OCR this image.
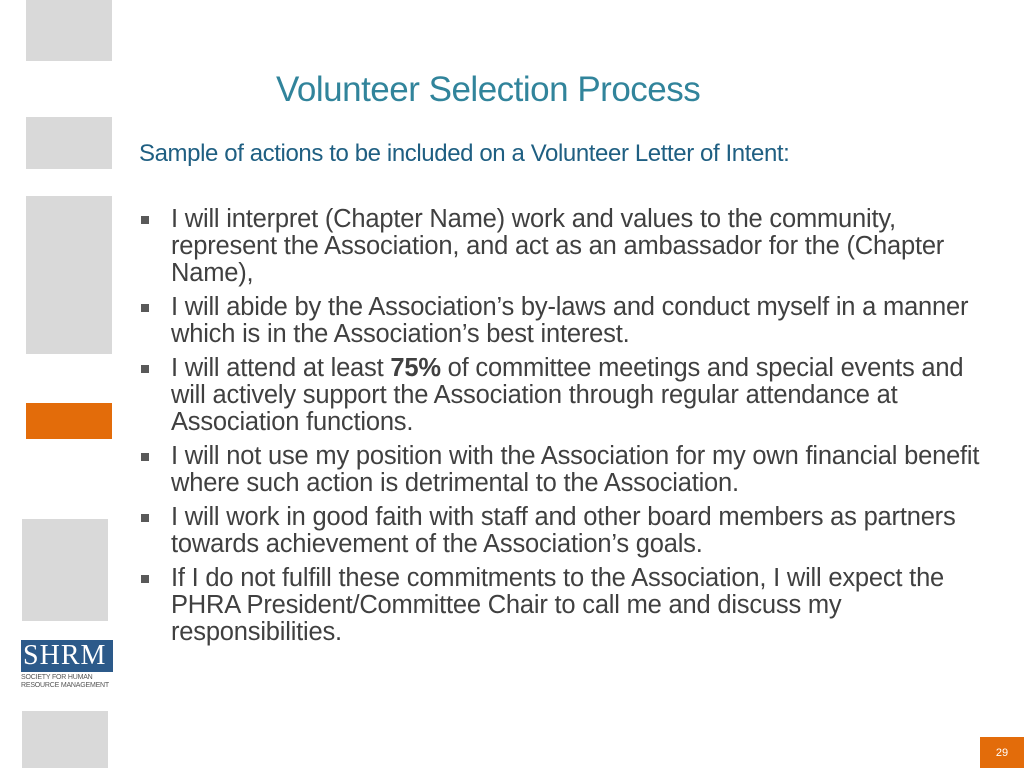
Volunteer Selection Process
Sample of actions to be included on a Volunteer Letter of Intent:
I will interpret (Chapter Name) work and values to the community, represent the Association, and act as an ambassador for the (Chapter Name),
I will abide by the Association’s by-laws and conduct myself in a manner which is in the Association’s best interest.
I will attend at least 75% of committee meetings and special events and will actively support the Association through regular attendance at Association functions.
I will not use my position with the Association for my own financial benefit where such action is detrimental to the Association.
I will work in good faith with staff and other board members as partners towards achievement of the Association’s goals.
If I do not fulfill these commitments to the Association, I will expect the PHRA President/Committee Chair to call me and discuss my responsibilities.
S H R M
SOCIETY FOR HUMAN
RESOURCE MANAGEMENT
29
